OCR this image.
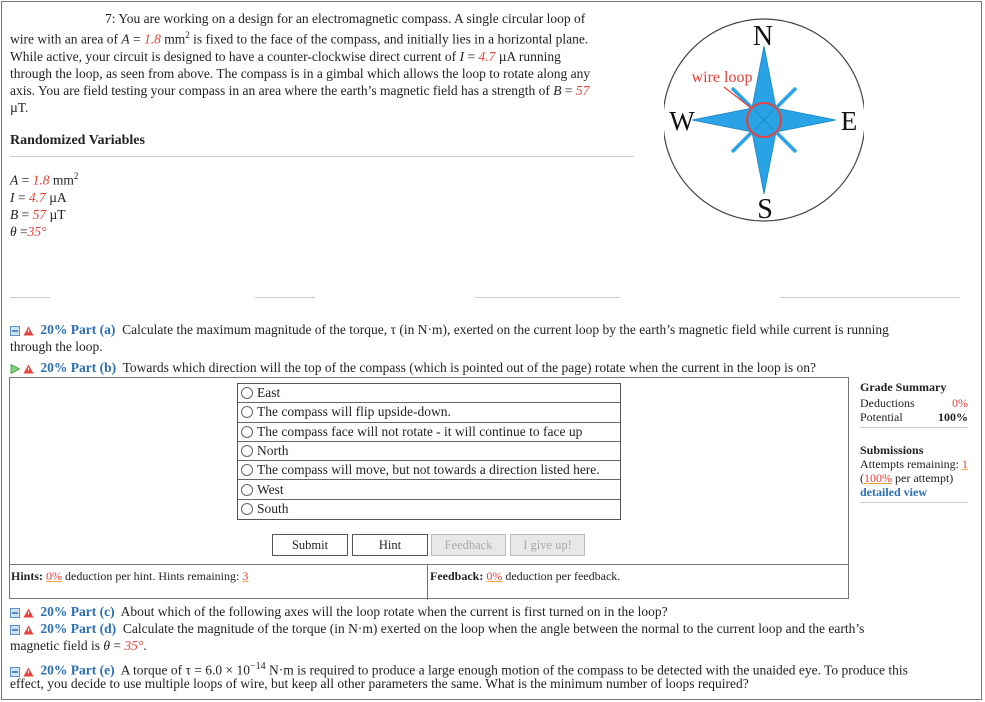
7: You are working on a design for an electromagnetic compass. A single circular loop of
wire with an area of A = 1.8 $mm^2$ is fixed to the face of the compass, and initially lies in a horizontal plane.
While active, your circuit is designed to have a counter-clockwise direct current of I = 4.7 µA running
through the loop, as seen from above. The compass is in a gimbal which allows the loop to rotate along any
axis. You are field testing your compass in an area where the earth’s magnetic field has a strength of B = 57
µT.
Randomized Variables
A = 1.8 $mm^2$
I = 4.7 µA
B = 57 µT
θ =35°
N
S
W	E
wire loop
20% Part (a) Calculate the maximum magnitude of the torque, τ (in N·m), exerted on the current loop by the earth’s magnetic field while current is running
through the loop.
20% Part (b) Towards which direction will the top of the compass (which is pointed out of the page) rotate when the current in the loop is on?
East
The compass will flip upside-down.
The compass face will not rotate - it will continue to face up
North
The compass will move, but not towards a direction listed here.
West
South
Submit	Hint	Feedback	I give up!
Hints: 0% deduction per hint. Hints remaining: 3	Feedback: 0% deduction per feedback.
Grade Summary
Deductions	0%
Potential	100%
Submissions
Attempts remaining: 1
(100% per attempt)
detailed view
20% Part (c) About which of the following axes will the loop rotate when the current is first turned on in the loop?
20% Part (d) Calculate the magnitude of the torque (in N·m) exerted on the loop when the angle between the normal to the current loop and the earth’s
magnetic field is θ = 35°.
20% Part (e) A torque of $\tau = 6.0 \times 10^{-14}$ N·m is required to produce a large enough motion of the compass to be detected with the unaided eye. To produce this
effect, you decide to use multiple loops of wire, but keep all other parameters the same. What is the minimum number of loops required?
